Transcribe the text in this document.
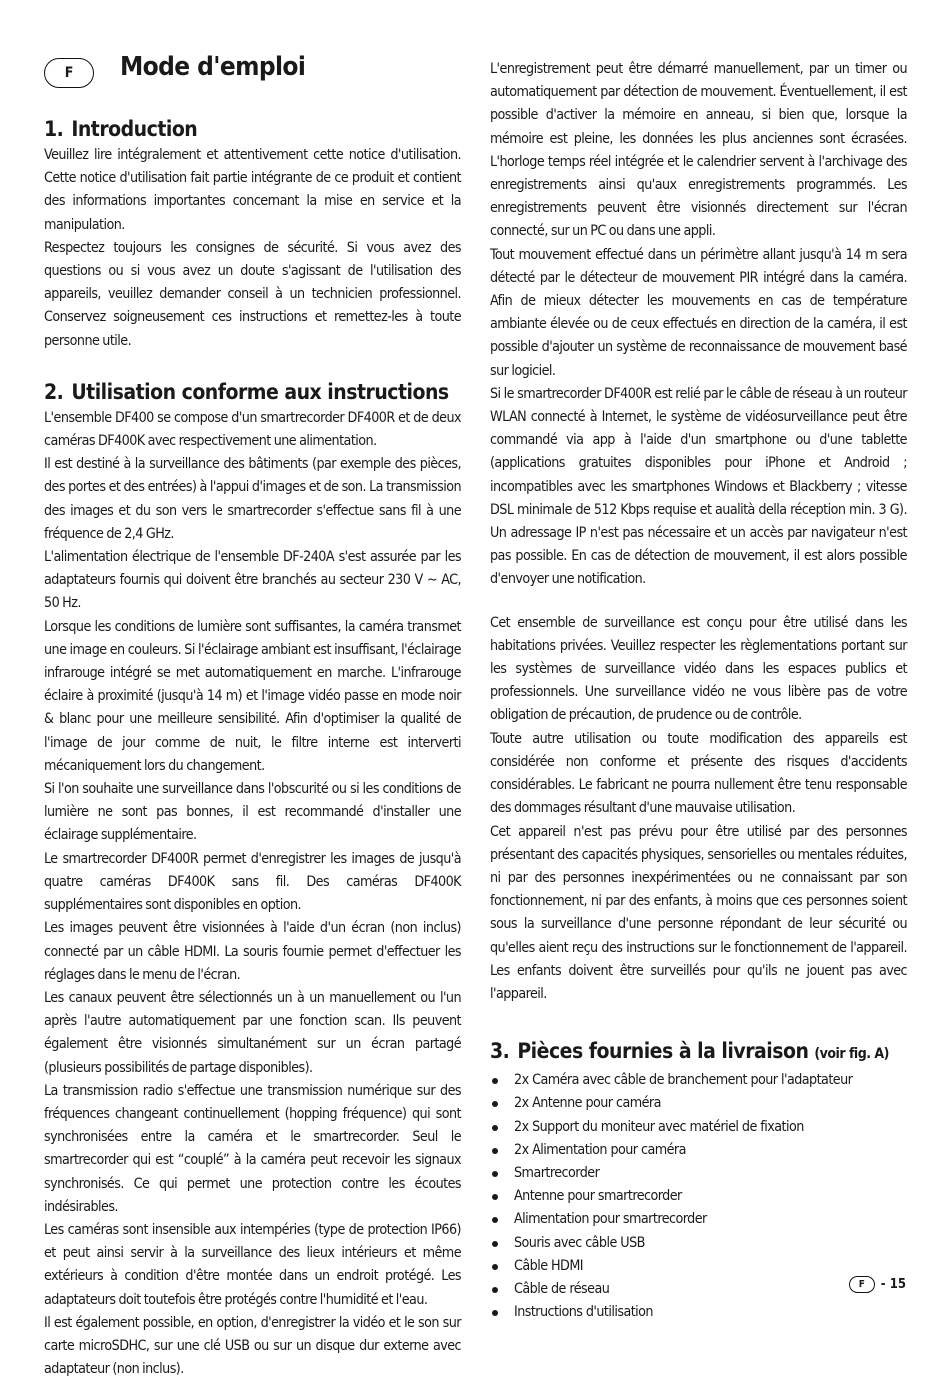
F	Mode d'emploi
1. Introduction

Veuillez lire intégralement et attentivement cette notice d'utilisation. Cette notice d'utilisation fait partie intégrante de ce produit et contient des informations importantes concernant la mise en service et la manipulation.

Respectez toujours les consignes de sécurité. Si vous avez des questions ou si vous avez un doute s'agissant de l'utilisation des appareils, veuillez demander conseil à un technicien professionnel. Conservez soigneusement ces instructions et remettez-les à toute personne utile.

2. Utilisation conforme aux instructions

L'ensemble DF400 se compose d'un smartrecorder DF400R et de deux caméras DF400K avec respectivement une alimentation.

Il est destiné à la surveillance des bâtiments (par exemple des pièces, des portes et des entrées) à l'appui d'images et de son. La transmission des images et du son vers le smartrecorder s'effectue sans fil à une fréquence de 2,4 GHz.

L'alimentation électrique de l'ensemble DF-240A s'est assurée par les adaptateurs fournis qui doivent être branchés au secteur 230 V ∼ AC, 50 Hz.

Lorsque les conditions de lumière sont suffisantes, la caméra transmet une image en couleurs. Si l'éclairage ambiant est insuffisant, l'éclairage infrarouge intégré se met automatiquement en marche. L'infrarouge éclaire à proximité (jusqu'à 14 m) et l'image vidéo passe en mode noir & blanc pour une meilleure sensibilité. Afin d'optimiser la qualité de l'image de jour comme de nuit, le filtre interne est interverti mécaniquement lors du changement.

Si l'on souhaite une surveillance dans l'obscurité ou si les conditions de lumière ne sont pas bonnes, il est recommandé d'installer une éclairage supplémentaire.

Le smartrecorder DF400R permet d'enregistrer les images de jusqu'à quatre caméras DF400K sans fil. Des caméras DF400K supplémentaires sont disponibles en option.

Les images peuvent être visionnées à l'aide d'un écran (non inclus) connecté par un câble HDMI. La souris fournie permet d'effectuer les réglages dans le menu de l'écran.

Les canaux peuvent être sélectionnés un à un manuellement ou l'un après l'autre automatiquement par une fonction scan. Ils peuvent également être visionnés simultanément sur un écran partagé (plusieurs possibilités de partage disponibles).

La transmission radio s'effectue une transmission numérique sur des fréquences changeant continuellement (hopping fréquence) qui sont synchronisées entre la caméra et le smartrecorder. Seul le smartrecorder qui est “couplé” à la caméra peut recevoir les signaux synchronisés. Ce qui permet une protection contre les écoutes indésirables.

Les caméras sont insensible aux intempéries (type de protection IP66) et peut ainsi servir à la surveillance des lieux intérieurs et même extérieurs à condition d'être montée dans un endroit protégé. Les adaptateurs doit toutefois être protégés contre l'humidité et l'eau.

Il est également possible, en option, d'enregistrer la vidéo et le son sur carte microSDHC, sur une clé USB ou sur un disque dur externe avec adaptateur (non inclus).

L'enregistrement peut être démarré manuellement, par un timer ou automatiquement par détection de mouvement. Éventuellement, il est possible d'activer la mémoire en anneau, si bien que, lorsque la mémoire est pleine, les données les plus anciennes sont écrasées. L'horloge temps réel intégrée et le calendrier servent à l'archivage des enregistrements ainsi qu'aux enregistrements programmés. Les enregistrements peuvent être visionnés directement sur l'écran connecté, sur un PC ou dans une appli.

Tout mouvement effectué dans un périmètre allant jusqu'à 14 m sera détecté par le détecteur de mouvement PIR intégré dans la caméra. Afin de mieux détecter les mouvements en cas de température ambiante élevée ou de ceux effectués en direction de la caméra, il est possible d'ajouter un système de reconnaissance de mouvement basé sur logiciel.

Si le smartrecorder DF400R est relié par le câble de réseau à un routeur WLAN connecté à Internet, le système de vidéosurveillance peut être commandé via app à l'aide d'un smartphone ou d'une tablette (applications gratuites disponibles pour iPhone et Android ; incompatibles avec les smartphones Windows et Blackberry ; vitesse DSL minimale de 512 Kbps requise et aualità della réception min. 3 G). Un adressage IP n'est pas nécessaire et un accès par navigateur n'est pas possible. En cas de détection de mouvement, il est alors possible d'envoyer une notification.

Cet ensemble de surveillance est conçu pour être utilisé dans les habitations privées. Veuillez respecter les règlementations portant sur les systèmes de surveillance vidéo dans les espaces publics et professionnels. Une surveillance vidéo ne vous libère pas de votre obligation de précaution, de prudence ou de contrôle.

Toute autre utilisation ou toute modification des appareils est considérée non conforme et présente des risques d'accidents considérables. Le fabricant ne pourra nullement être tenu responsable des dommages résultant d'une mauvaise utilisation.

Cet appareil n'est pas prévu pour être utilisé par des personnes présentant des capacités physiques, sensorielles ou mentales réduites, ni par des personnes inexpérimentées ou ne connaissant par son fonctionnement, ni par des enfants, à moins que ces personnes soient sous la surveillance d'une personne répondant de leur sécurité ou qu'elles aient reçu des instructions sur le fonctionnement de l'appareil. Les enfants doivent être surveillés pour qu'ils ne jouent pas avec l'appareil.

3. Pièces fournies à la livraison (voir fig. A)
2x Caméra avec câble de branchement pour l'adaptateur
2x Antenne pour caméra
2x Support du moniteur avec matériel de fixation
2x Alimentation pour caméra
Smartrecorder
Antenne pour smartrecorder
Alimentation pour smartrecorder
Souris avec câble USB
Câble HDMI
Câble de réseau
Instructions d'utilisation
F	- 15
